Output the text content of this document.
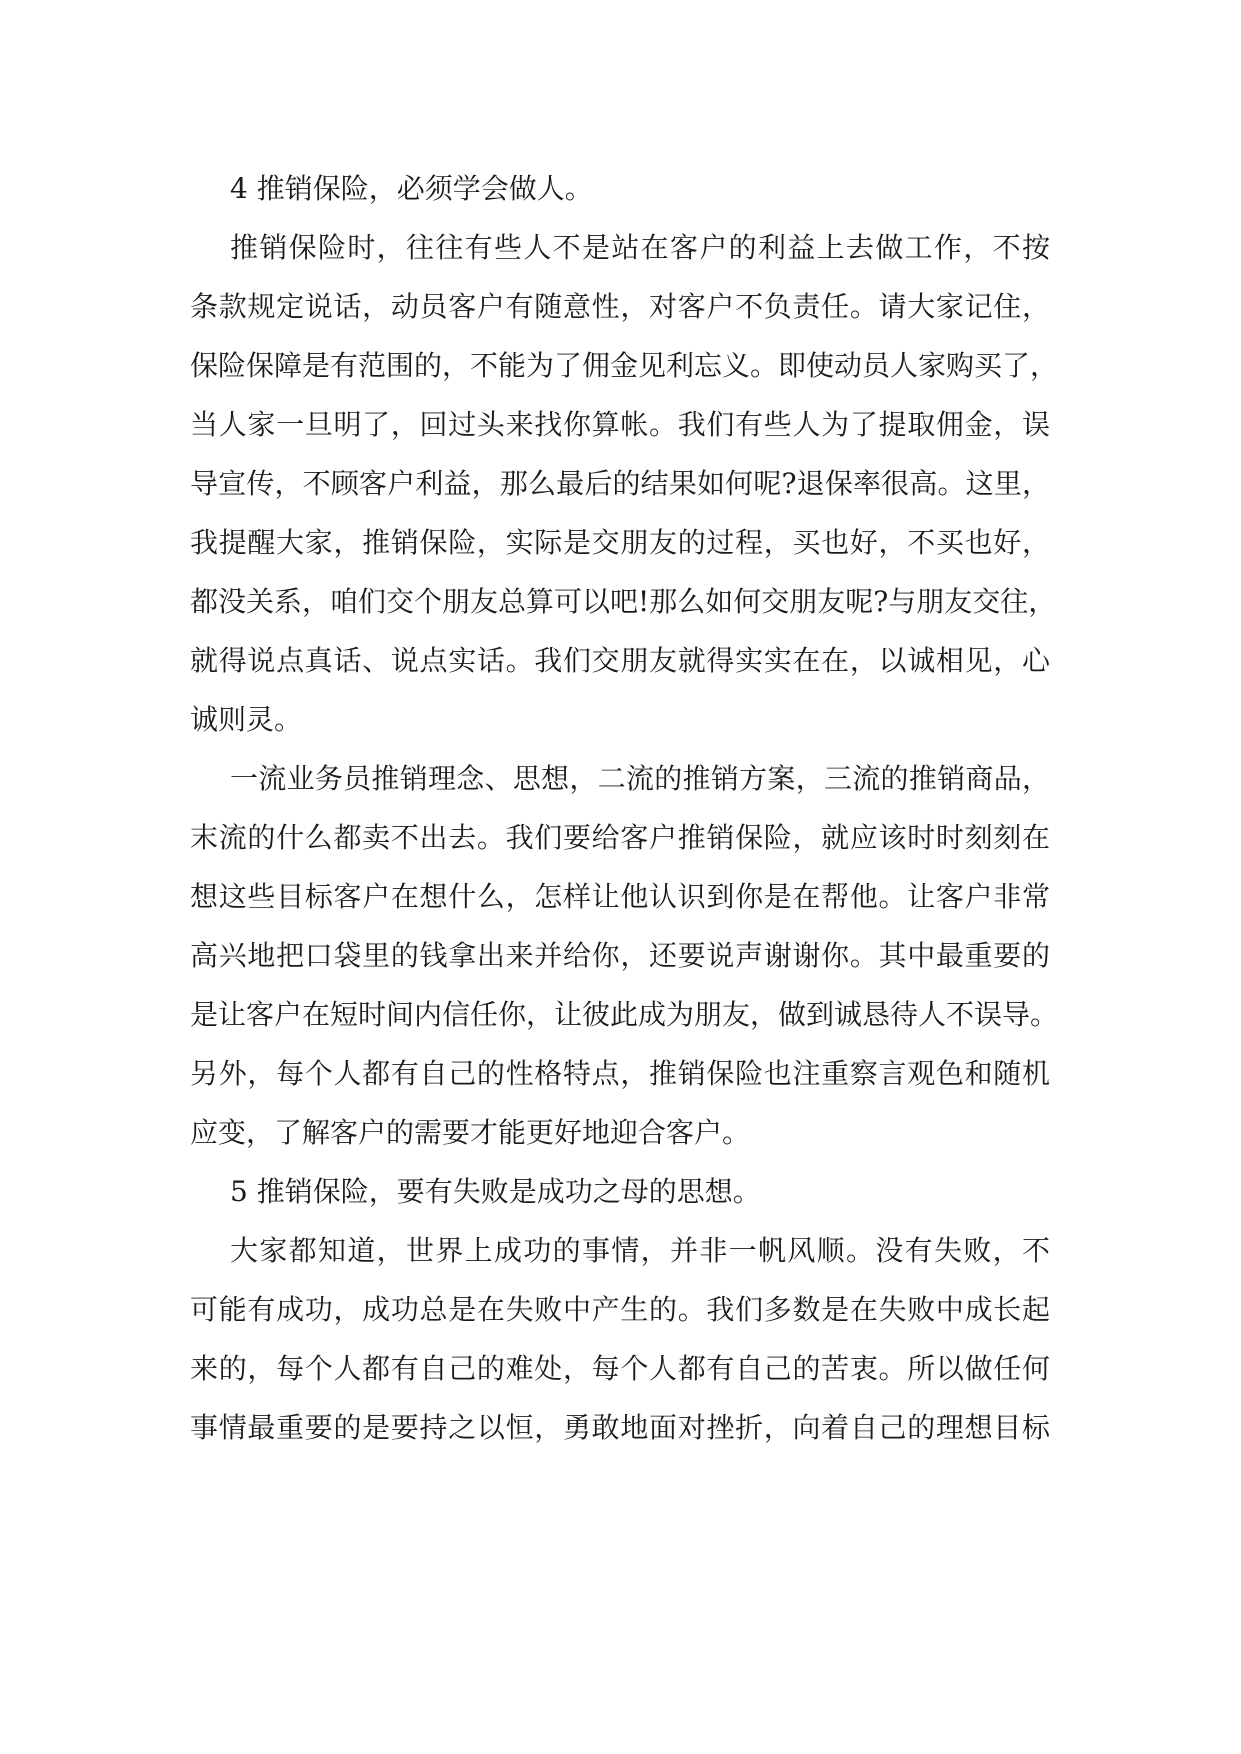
4 推销保险，必须学会做人。
推销保险时，往往有些人不是站在客户的利益上去做工作，不按
条款规定说话，动员客户有随意性，对客户不负责任。请大家记住，
保险保障是有范围的，不能为了佣金见利忘义。即使动员人家购买了，
当人家一旦明了，回过头来找你算帐。我们有些人为了提取佣金，误
导宣传，不顾客户利益，那么最后的结果如何呢?退保率很高。这里，
我提醒大家，推销保险，实际是交朋友的过程，买也好，不买也好，
都没关系，咱们交个朋友总算可以吧!那么如何交朋友呢?与朋友交往，
就得说点真话、说点实话。我们交朋友就得实实在在，以诚相见，心
诚则灵。
一流业务员推销理念、思想，二流的推销方案，三流的推销商品，
末流的什么都卖不出去。我们要给客户推销保险，就应该时时刻刻在
想这些目标客户在想什么，怎样让他认识到你是在帮他。让客户非常
高兴地把口袋里的钱拿出来并给你，还要说声谢谢你。其中最重要的
是让客户在短时间内信任你，让彼此成为朋友，做到诚恳待人不误导。
另外，每个人都有自己的性格特点，推销保险也注重察言观色和随机
应变，了解客户的需要才能更好地迎合客户。
5 推销保险，要有失败是成功之母的思想。
大家都知道，世界上成功的事情，并非一帆风顺。没有失败，不
可能有成功，成功总是在失败中产生的。我们多数是在失败中成长起
来的，每个人都有自己的难处，每个人都有自己的苦衷。所以做任何
事情最重要的是要持之以恒，勇敢地面对挫折，向着自己的理想目标
